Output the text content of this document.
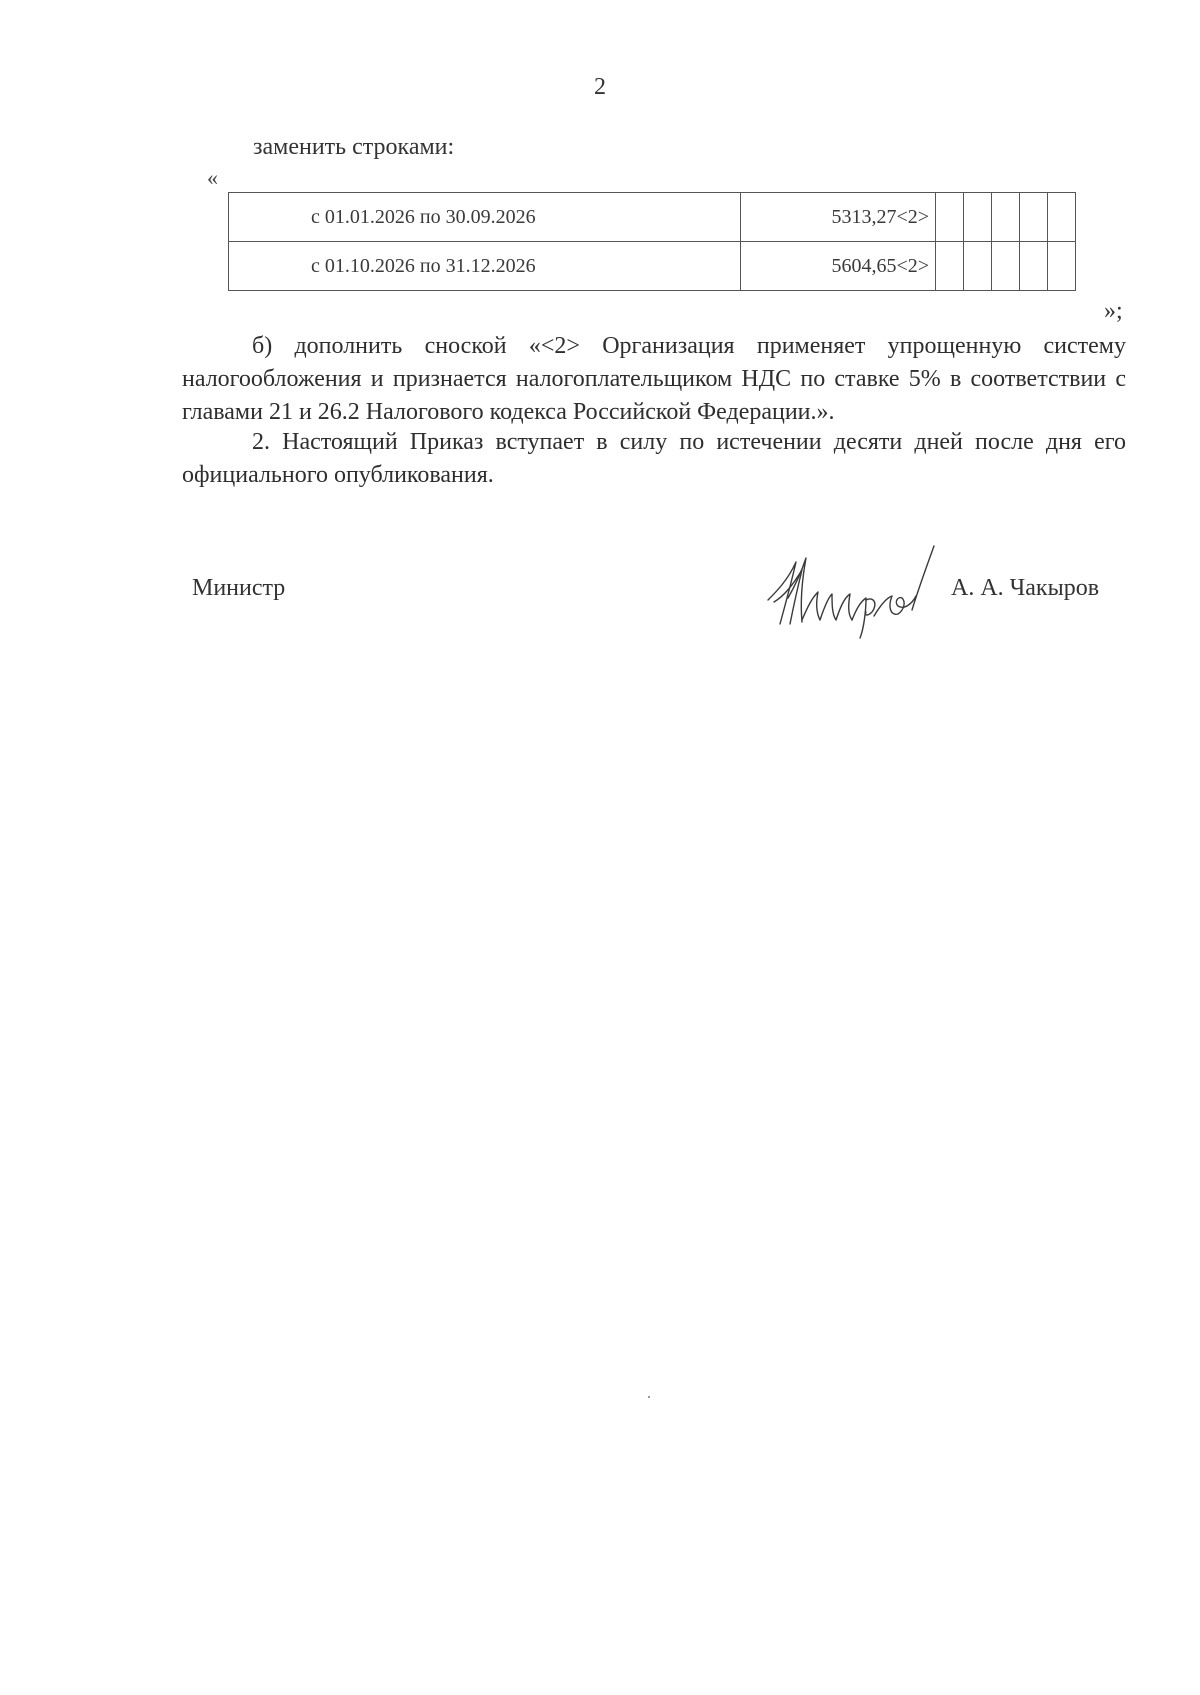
2
заменить строками:
«
с 01.01.2026 по 30.09.2026	5313,27<2>					
с 01.10.2026 по 31.12.2026	5604,65<2>					
»;
б) дополнить сноской «<2> Организация применяет упрощенную систему налогообложения и признается налогоплательщиком НДС по ставке 5% в соответствии с главами 21 и 26.2 Налогового кодекса Российской Федерации.».
2. Настоящий Приказ вступает в силу по истечении десяти дней после дня его официального опубликования.
Министр	А. А. Чакыров
